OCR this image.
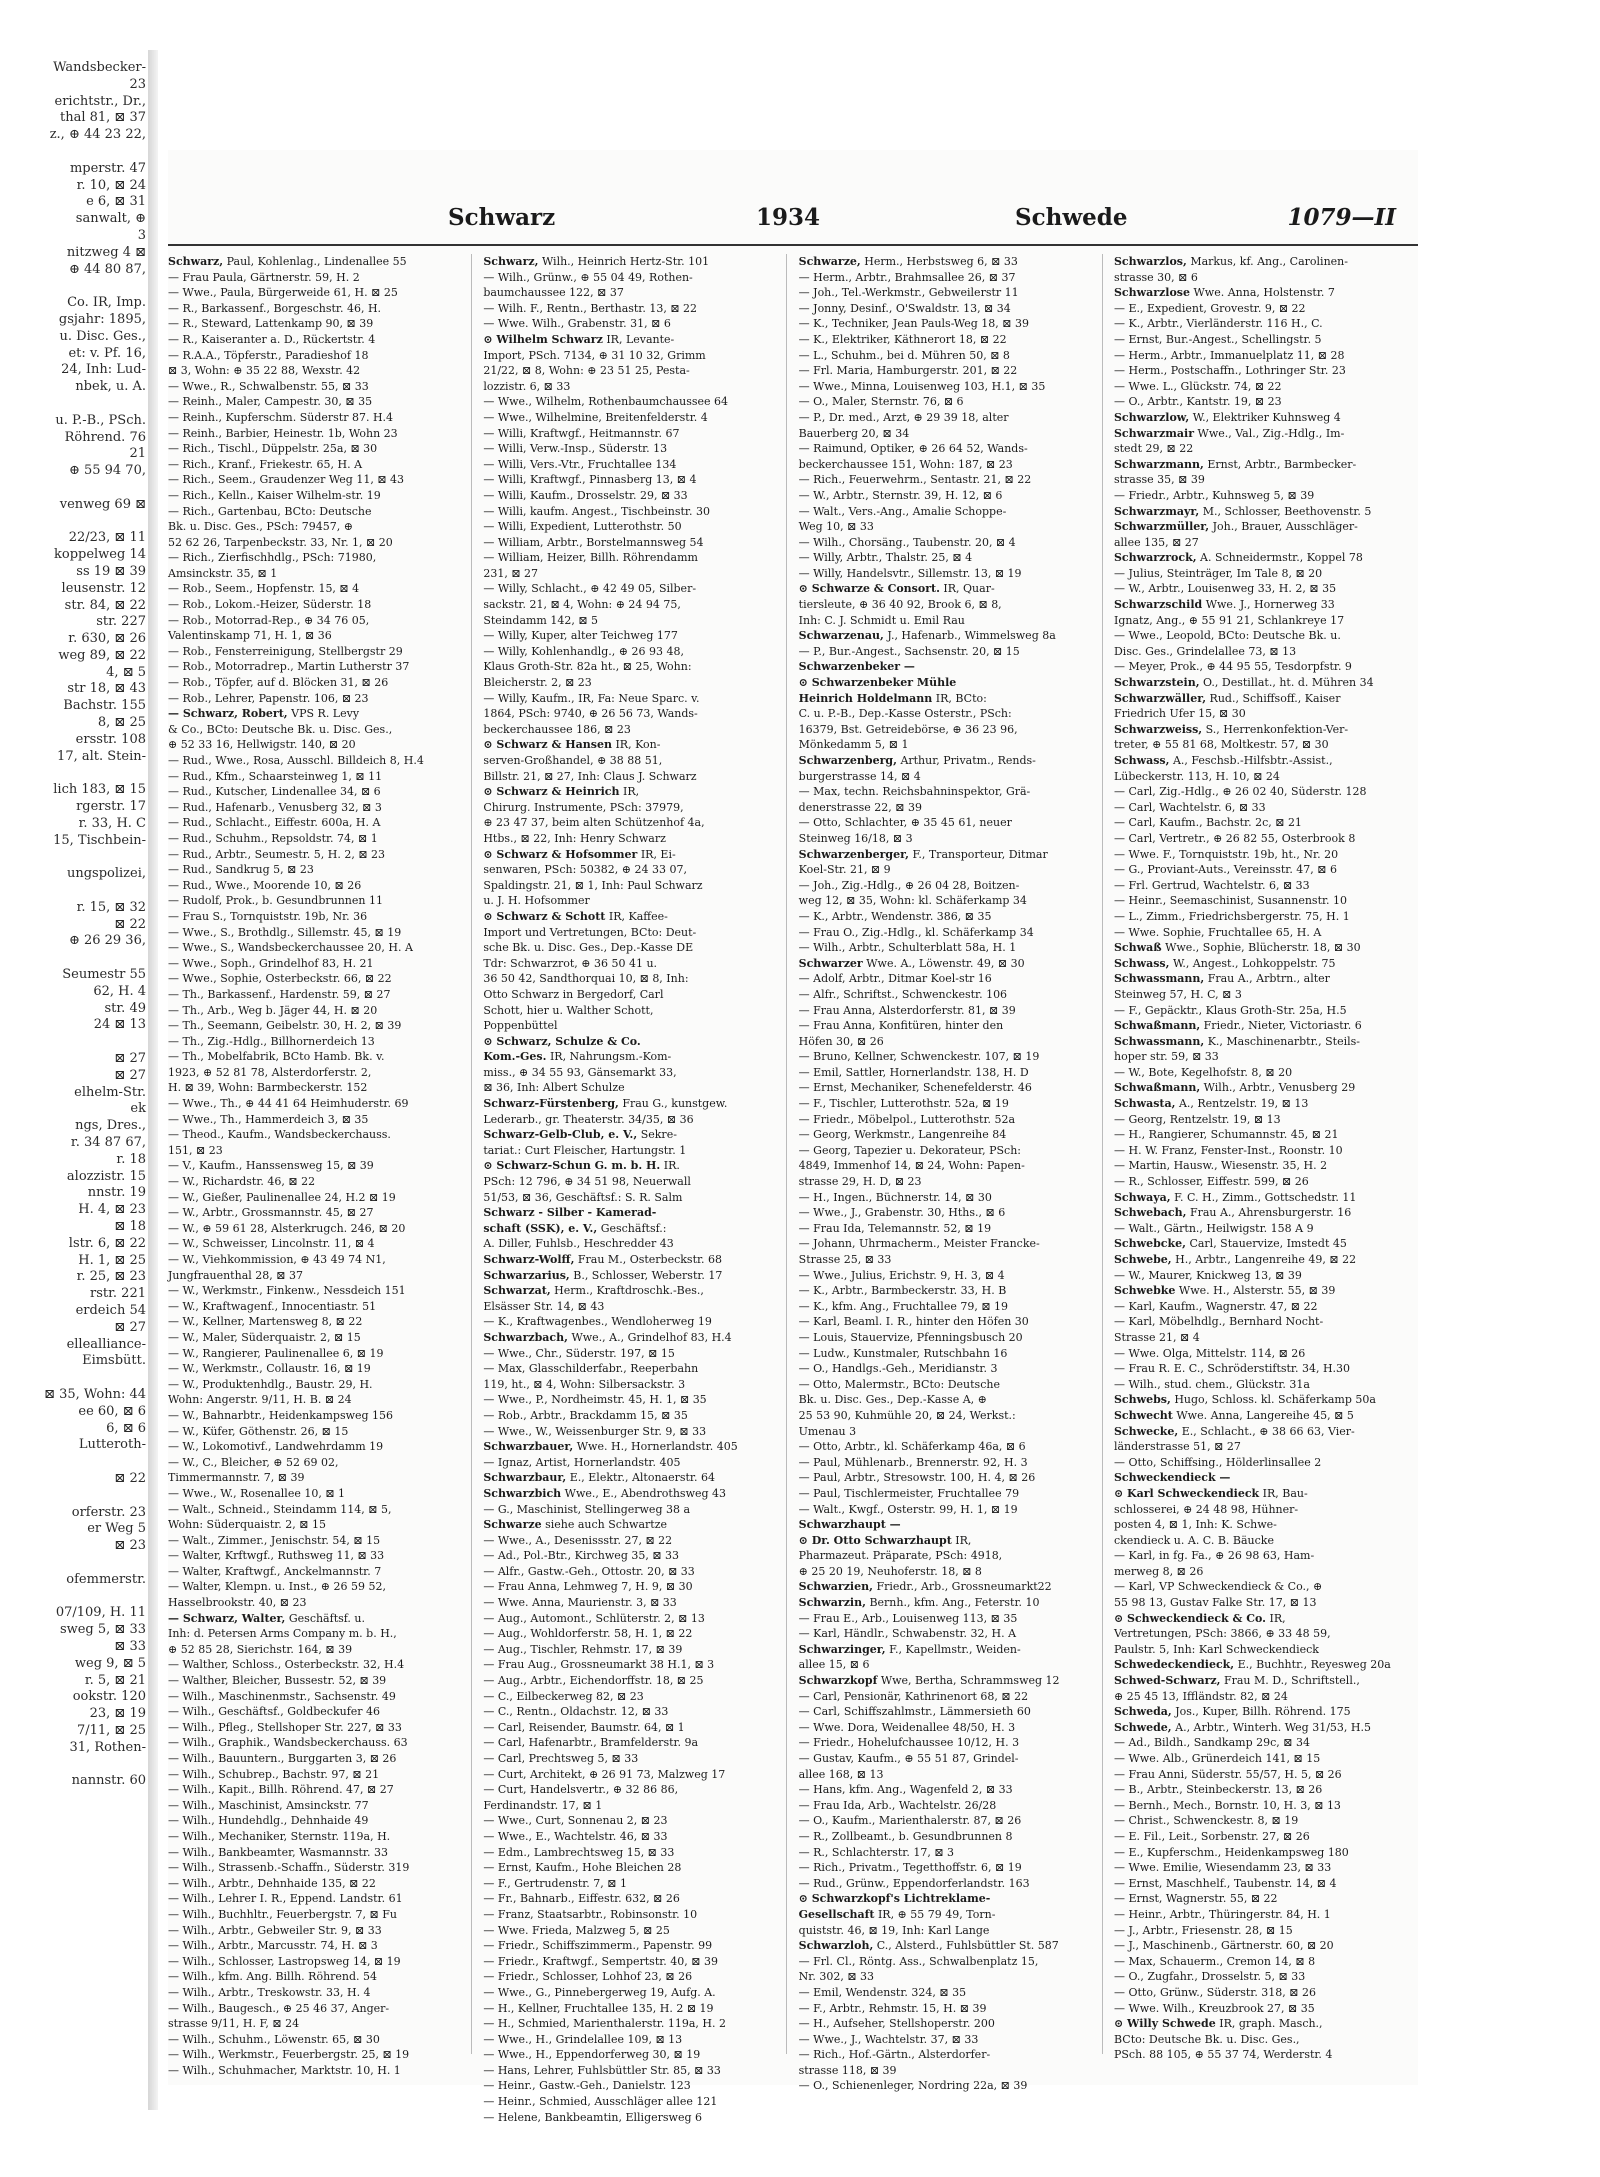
Wandsbecker-
23
erichtstr., Dr.,
thal 81, ⊠ 37
z., ⊕ 44 23 22,

mperstr. 47
r. 10, ⊠ 24
e 6, ⊠ 31
sanwalt, ⊕
3
nitzweg 4 ⊠
⊕ 44 80 87,

Co. IR, Imp.
gsjahr: 1895,
u. Disc. Ges.,
et: v. Pf. 16,
24, Inh: Lud-
nbek, u. A.

u. P.-B., PSch.
Röhrend. 76
21
⊕ 55 94 70,

venweg 69 ⊠

22/23, ⊠ 11
koppelweg 14
ss 19 ⊠ 39
leusenstr. 12
str. 84, ⊠ 22
str. 227
r. 630, ⊠ 26
weg 89, ⊠ 22
4, ⊠ 5
str 18, ⊠ 43
Bachstr. 155
8, ⊠ 25
ersstr. 108
17, alt. Stein-

lich 183, ⊠ 15
rgerstr. 17
r. 33, H. C
15, Tischbein-

ungspolizei,

r. 15, ⊠ 32
⊠ 22
⊕ 26 29 36,

Seumestr 55
62, H. 4
str. 49
24 ⊠ 13

⊠ 27
⊠ 27
elhelm-Str.
ek
ngs, Dres.,
r. 34 87 67,
r. 18
alozzistr. 15
nnstr. 19
H. 4, ⊠ 23
⊠ 18
lstr. 6, ⊠ 22
H. 1, ⊠ 25
r. 25, ⊠ 23
rstr. 221
erdeich 54
⊠ 27
ellealliance-
Eimsbütt.

⊠ 35, Wohn: 44
ee 60, ⊠ 6
6, ⊠ 6
Lutteroth-

⊠ 22

orferstr. 23
er Weg 5
⊠ 23

ofemmerstr.

07/109, H. 11
sweg 5, ⊠ 33
⊠ 33
weg 9, ⊠ 5
r. 5, ⊠ 21
ookstr. 120
23, ⊠ 19
7/11, ⊠ 25
31, Rothen-

nannstr. 60
Schwarz	1934	Schwede	1079—II
Schwarz, Paul, Kohlenlag., Lindenallee 55
— Frau Paula, Gärtnerstr. 59, H. 2
— Wwe., Paula, Bürgerweide 61, H. ⊠ 25
— R., Barkassenf., Borgeschstr. 46, H.
— R., Steward, Lattenkamp 90, ⊠ 39
— R., Kaiseranter a. D., Rückertstr. 4
— R.A.A., Töpferstr., Paradieshof 18
⊠ 3, Wohn: ⊕ 35 22 88, Wexstr. 42
— Wwe., R., Schwalbenstr. 55, ⊠ 33
— Reinh., Maler, Campestr. 30, ⊠ 35
— Reinh., Kupferschm. Süderstr 87. H.4
— Reinh., Barbier, Heinestr. 1b, Wohn 23
— Rich., Tischl., Düppelstr. 25a, ⊠ 30
— Rich., Kranf., Friekestr. 65, H. A
— Rich., Seem., Graudenzer Weg 11, ⊠ 43
— Rich., Kelln., Kaiser Wilhelm-str. 19
— Rich., Gartenbau, BCto: Deutsche
Bk. u. Disc. Ges., PSch: 79457, ⊕
52 62 26, Tarpenbeckstr. 33, Nr. 1, ⊠ 20
— Rich., Zierfischhdlg., PSch: 71980,
Amsinckstr. 35, ⊠ 1
— Rob., Seem., Hopfenstr. 15, ⊠ 4
— Rob., Lokom.-Heizer, Süderstr. 18
— Rob., Motorrad-Rep., ⊕ 34 76 05,
Valentinskamp 71, H. 1, ⊠ 36
— Rob., Fensterreinigung, Stellbergstr 29
— Rob., Motorradrep., Martin Lutherstr 37
— Rob., Töpfer, auf d. Blöcken 31, ⊠ 26
— Rob., Lehrer, Papenstr. 106, ⊠ 23
— Schwarz, Robert, VPS R. Levy
& Co., BCto: Deutsche Bk. u. Disc. Ges.,
⊕ 52 33 16, Hellwigstr. 140, ⊠ 20
— Rud., Wwe., Rosa, Ausschl. Billdeich 8, H.4
— Rud., Kfm., Schaarsteinweg 1, ⊠ 11
— Rud., Kutscher, Lindenallee 34, ⊠ 6
— Rud., Hafenarb., Venusberg 32, ⊠ 3
— Rud., Schlacht., Eiffestr. 600a, H. A
— Rud., Schuhm., Repsoldstr. 74, ⊠ 1
— Rud., Arbtr., Seumestr. 5, H. 2, ⊠ 23
— Rud., Sandkrug 5, ⊠ 23
— Rud., Wwe., Moorende 10, ⊠ 26
— Rudolf, Prok., b. Gesundbrunnen 11
— Frau S., Tornquiststr. 19b, Nr. 36
— Wwe., S., Brothdlg., Sillemstr. 45, ⊠ 19
— Wwe., S., Wandsbeckerchaussee 20, H. A
— Wwe., Soph., Grindelhof 83, H. 21
— Wwe., Sophie, Osterbeckstr. 66, ⊠ 22
— Th., Barkassenf., Hardenstr. 59, ⊠ 27
— Th., Arb., Weg b. Jäger 44, H. ⊠ 20
— Th., Seemann, Geibelstr. 30, H. 2, ⊠ 39
— Th., Zig.-Hdlg., Billhornerdeich 13
— Th., Mobelfabrik, BCto Hamb. Bk. v.
1923, ⊕ 52 81 78, Alsterdorferstr. 2,
H. ⊠ 39, Wohn: Barmbeckerstr. 152
— Wwe., Th., ⊕ 44 41 64 Heimhuderstr. 69
— Wwe., Th., Hammerdeich 3, ⊠ 35
— Theod., Kaufm., Wandsbeckerchauss.
151, ⊠ 23
— V., Kaufm., Hanssensweg 15, ⊠ 39
— W., Richardstr. 46, ⊠ 22
— W., Gießer, Paulinenallee 24, H.2 ⊠ 19
— W., Arbtr., Grossmannstr. 45, ⊠ 27
— W., ⊕ 59 61 28, Alsterkrugch. 246, ⊠ 20
— W., Schweisser, Lincolnstr. 11, ⊠ 4
— W., Viehkommission, ⊕ 43 49 74 N1,
Jungfrauenthal 28, ⊠ 37
— W., Werkmstr., Finkenw., Nessdeich 151
— W., Kraftwagenf., Innocentiastr. 51
— W., Kellner, Martensweg 8, ⊠ 22
— W., Maler, Süderquaistr. 2, ⊠ 15
— W., Rangierer, Paulinenallee 6, ⊠ 19
— W., Werkmstr., Collaustr. 16, ⊠ 19
— W., Produktenhdlg., Baustr. 29, H.
Wohn: Angerstr. 9/11, H. B. ⊠ 24
— W., Bahnarbtr., Heidenkampsweg 156
— W., Küfer, Göthenstr. 26, ⊠ 15
— W., Lokomotivf., Landwehrdamm 19
— W., C., Bleicher, ⊕ 52 69 02,
Timmermannstr. 7, ⊠ 39
— Wwe., W., Rosenallee 10, ⊠ 1
— Walt., Schneid., Steindamm 114, ⊠ 5,
Wohn: Süderquaistr. 2, ⊠ 15
— Walt., Zimmer., Jenischstr. 54, ⊠ 15
— Walter, Krftwgf., Ruthsweg 11, ⊠ 33
— Walter, Kraftwgf., Anckelmannstr. 7
— Walter, Klempn. u. Inst., ⊕ 26 59 52,
Hasselbrookstr. 40, ⊠ 23
— Schwarz, Walter, Geschäftsf. u.
Inh: d. Petersen Arms Company m. b. H.,
⊕ 52 85 28, Sierichstr. 164, ⊠ 39
— Walther, Schloss., Osterbeckstr. 32, H.4
— Walther, Bleicher, Bussestr. 52, ⊠ 39
— Wilh., Maschinenmstr., Sachsenstr. 49
— Wilh., Geschäftsf., Goldbeckufer 46
— Wilh., Pfleg., Stellshoper Str. 227, ⊠ 33
— Wilh., Graphik., Wandsbeckerchauss. 63
— Wilh., Bauuntern., Burggarten 3, ⊠ 26
— Wilh., Schubrep., Bachstr. 97, ⊠ 21
— Wilh., Kapit., Billh. Röhrend. 47, ⊠ 27
— Wilh., Maschinist, Amsinckstr. 77
— Wilh., Hundehdlg., Dehnhaide 49
— Wilh., Mechaniker, Sternstr. 119a, H.
— Wilh., Bankbeamter, Wasmannstr. 33
— Wilh., Strassenb.-Schaffn., Süderstr. 319
— Wilh., Arbtr., Dehnhaide 135, ⊠ 22
— Wilh., Lehrer I. R., Eppend. Landstr. 61
— Wilh., Buchhltr., Feuerbergstr. 7, ⊠ Fu
— Wilh., Arbtr., Gebweiler Str. 9, ⊠ 33
— Wilh., Arbtr., Marcusstr. 74, H. ⊠ 3
— Wilh., Schlosser, Lastropsweg 14, ⊠ 19
— Wilh., kfm. Ang. Billh. Röhrend. 54
— Wilh., Arbtr., Treskowstr. 33, H. 4
— Wilh., Baugesch., ⊕ 25 46 37, Anger-
strasse 9/11, H. F, ⊠ 24
— Wilh., Schuhm., Löwenstr. 65, ⊠ 30
— Wilh., Werkmstr., Feuerbergstr. 25, ⊠ 19
— Wilh., Schuhmacher, Marktstr. 10, H. 1
Schwarz, Wilh., Heinrich Hertz-Str. 101
— Wilh., Grünw., ⊕ 55 04 49, Rothen-
baumchaussee 122, ⊠ 37
— Wilh. F., Rentn., Berthastr. 13, ⊠ 22
— Wwe. Wilh., Grabenstr. 31, ⊠ 6
⊙ Wilhelm Schwarz IR, Levante-
Import, PSch. 7134, ⊕ 31 10 32, Grimm
21/22, ⊠ 8, Wohn: ⊕ 23 51 25, Pesta-
lozzistr. 6, ⊠ 33
— Wwe., Wilhelm, Rothenbaumchaussee 64
— Wwe., Wilhelmine, Breitenfelderstr. 4
— Willi, Kraftwgf., Heitmannstr. 67
— Willi, Verw.-Insp., Süderstr. 13
— Willi, Vers.-Vtr., Fruchtallee 134
— Willi, Kraftwgf., Pinnasberg 13, ⊠ 4
— Willi, Kaufm., Drosselstr. 29, ⊠ 33
— Willi, kaufm. Angest., Tischbeinstr. 30
— Willi, Expedient, Lutterothstr. 50
— William, Arbtr., Borstelmannsweg 54
— William, Heizer, Billh. Röhrendamm
231, ⊠ 27
— Willy, Schlacht., ⊕ 42 49 05, Silber-
sackstr. 21, ⊠ 4, Wohn: ⊕ 24 94 75,
Steindamm 142, ⊠ 5
— Willy, Kuper, alter Teichweg 177
— Willy, Kohlenhandlg., ⊕ 26 93 48,
Klaus Groth-Str. 82a ht., ⊠ 25, Wohn:
Bleicherstr. 2, ⊠ 23
— Willy, Kaufm., IR, Fa: Neue Sparc. v.
1864, PSch: 9740, ⊕ 26 56 73, Wands-
beckerchaussee 186, ⊠ 23
⊙ Schwarz & Hansen IR, Kon-
serven-Großhandel, ⊕ 38 88 51,
Billstr. 21, ⊠ 27, Inh: Claus J. Schwarz
⊙ Schwarz & Heinrich IR,
Chirurg. Instrumente, PSch: 37979,
⊕ 23 47 37, beim alten Schützenhof 4a,
Htbs., ⊠ 22, Inh: Henry Schwarz
⊙ Schwarz & Hofsommer IR, Ei-
senwaren, PSch: 50382, ⊕ 24 33 07,
Spaldingstr. 21, ⊠ 1, Inh: Paul Schwarz
u. J. H. Hofsommer
⊙ Schwarz & Schott IR, Kaffee-
Import und Vertretungen, BCto: Deut-
sche Bk. u. Disc. Ges., Dep.-Kasse DE
Tdr: Schwarzrot, ⊕ 36 50 41 u.
36 50 42, Sandthorquai 10, ⊠ 8, Inh:
Otto Schwarz in Bergedorf, Carl
Schott, hier u. Walther Schott,
Poppenbüttel
⊙ Schwarz, Schulze & Co.
Kom.-Ges. IR, Nahrungsm.-Kom-
miss., ⊕ 34 55 93, Gänsemarkt 33,
⊠ 36, Inh: Albert Schulze
Schwarz-Fürstenberg, Frau G., kunstgew.
Lederarb., gr. Theaterstr. 34/35, ⊠ 36
Schwarz-Gelb-Club, e. V., Sekre-
tariat.: Curt Fleischer, Hartungstr. 1
⊙ Schwarz-Schun G. m. b. H. IR.
PSch: 12 796, ⊕ 34 51 98, Neuerwall
51/53, ⊠ 36, Geschäftsf.: S. R. Salm
Schwarz - Silber - Kamerad-
schaft (SSK), e. V., Geschäftsf.:
A. Diller, Fuhlsb., Heschredder 43
Schwarz-Wolff, Frau M., Osterbeckstr. 68
Schwarzarius, B., Schlosser, Weberstr. 17
Schwarzat, Herm., Kraftdroschk.-Bes.,
Elsässer Str. 14, ⊠ 43
— K., Kraftwagenbes., Wendloherweg 19
Schwarzbach, Wwe., A., Grindelhof 83, H.4
— Wwe., Chr., Süderstr. 197, ⊠ 15
— Max, Glasschilderfabr., Reeperbahn
119, ht., ⊠ 4, Wohn: Silbersackstr. 3
— Wwe., P., Nordheimstr. 45, H. 1, ⊠ 35
— Rob., Arbtr., Brackdamm 15, ⊠ 35
— Wwe., W., Weissenburger Str. 9, ⊠ 33
Schwarzbauer, Wwe. H., Hornerlandstr. 405
— Ignaz, Artist, Hornerlandstr. 405
Schwarzbaur, E., Elektr., Altonaerstr. 64
Schwarzbich Wwe., E., Abendrothsweg 43
— G., Maschinist, Stellingerweg 38 a
Schwarze siehe auch Schwartze
— Wwe., A., Desenissstr. 27, ⊠ 22
— Ad., Pol.-Btr., Kirchweg 35, ⊠ 33
— Alfr., Gastw.-Geh., Ottostr. 20, ⊠ 33
— Frau Anna, Lehmweg 7, H. 9, ⊠ 30
— Wwe. Anna, Maurienstr. 3, ⊠ 33
— Aug., Automont., Schlüterstr. 2, ⊠ 13
— Aug., Wohldorferstr. 58, H. 1, ⊠ 22
— Aug., Tischler, Rehmstr. 17, ⊠ 39
— Frau Aug., Grossneumarkt 38 H.1, ⊠ 3
— Aug., Arbtr., Eichendorffstr. 18, ⊠ 25
— C., Eilbeckerweg 82, ⊠ 23
— C., Rentn., Oldachstr. 12, ⊠ 33
— Carl, Reisender, Baumstr. 64, ⊠ 1
— Carl, Hafenarbtr., Bramfelderstr. 9a
— Carl, Prechtsweg 5, ⊠ 33
— Curt, Architekt, ⊕ 26 91 73, Malzweg 17
— Curt, Handelsvertr., ⊕ 32 86 86,
Ferdinandstr. 17, ⊠ 1
— Wwe., Curt, Sonnenau 2, ⊠ 23
— Wwe., E., Wachtelstr. 46, ⊠ 33
— Edm., Lambrechtsweg 15, ⊠ 33
— Ernst, Kaufm., Hohe Bleichen 28
— F., Gertrudenstr. 7, ⊠ 1
— Fr., Bahnarb., Eiffestr. 632, ⊠ 26
— Franz, Staatsarbtr., Robinsonstr. 10
— Wwe. Frieda, Malzweg 5, ⊠ 25
— Friedr., Schiffszimmerm., Papenstr. 99
— Friedr., Kraftwgf., Sempertstr. 40, ⊠ 39
— Friedr., Schlosser, Lohhof 23, ⊠ 26
— Wwe., G., Pinnebergerweg 19, Aufg. A.
— H., Kellner, Fruchtallee 135, H. 2 ⊠ 19
— H., Schmied, Marienthalerstr. 119a, H. 2
— Wwe., H., Grindelallee 109, ⊠ 13
— Wwe., H., Eppendorferweg 30, ⊠ 19
— Hans, Lehrer, Fuhlsbüttler Str. 85, ⊠ 33
— Heinr., Gastw.-Geh., Danielstr. 123
— Heinr., Schmied, Ausschläger allee 121
— Helene, Bankbeamtin, Elligersweg 6
Schwarze, Herm., Herbstsweg 6, ⊠ 33
— Herm., Arbtr., Brahmsallee 26, ⊠ 37
— Joh., Tel.-Werkmstr., Gebweilerstr 11
— Jonny, Desinf., O'Swaldstr. 13, ⊠ 34
— K., Techniker, Jean Pauls-Weg 18, ⊠ 39
— K., Elektriker, Käthnerort 18, ⊠ 22
— L., Schuhm., bei d. Mühren 50, ⊠ 8
— Frl. Maria, Hamburgerstr. 201, ⊠ 22
— Wwe., Minna, Louisenweg 103, H.1, ⊠ 35
— O., Maler, Sternstr. 76, ⊠ 6
— P., Dr. med., Arzt, ⊕ 29 39 18, alter
Bauerberg 20, ⊠ 34
— Raimund, Optiker, ⊕ 26 64 52, Wands-
beckerchaussee 151, Wohn: 187, ⊠ 23
— Rich., Feuerwehrm., Sentastr. 21, ⊠ 22
— W., Arbtr., Sternstr. 39, H. 12, ⊠ 6
— Walt., Vers.-Ang., Amalie Schoppe-
Weg 10, ⊠ 33
— Wilh., Chorsäng., Taubenstr. 20, ⊠ 4
— Willy, Arbtr., Thalstr. 25, ⊠ 4
— Willy, Handelsvtr., Sillemstr. 13, ⊠ 19
⊙ Schwarze & Consort. IR, Quar-
tiersleute, ⊕ 36 40 92, Brook 6, ⊠ 8,
Inh: C. J. Schmidt u. Emil Rau
Schwarzenau, J., Hafenarb., Wimmelsweg 8a
— P., Bur.-Angest., Sachsenstr. 20, ⊠ 15
Schwarzenbeker —
⊙ Schwarzenbeker Mühle
Heinrich Holdelmann IR, BCto:
C. u. P.-B., Dep.-Kasse Osterstr., PSch:
16379, Bst. Getreidebörse, ⊕ 36 23 96,
Mönkedamm 5, ⊠ 1
Schwarzenberg, Arthur, Privatm., Rends-
burgerstrasse 14, ⊠ 4
— Max, techn. Reichsbahninspektor, Grä-
denerstrasse 22, ⊠ 39
— Otto, Schlachter, ⊕ 35 45 61, neuer
Steinweg 16/18, ⊠ 3
Schwarzenberger, F., Transporteur, Ditmar
Koel-Str. 21, ⊠ 9
— Joh., Zig.-Hdlg., ⊕ 26 04 28, Boitzen-
weg 12, ⊠ 35, Wohn: kl. Schäferkamp 34
— K., Arbtr., Wendenstr. 386, ⊠ 35
— Frau O., Zig.-Hdlg., kl. Schäferkamp 34
— Wilh., Arbtr., Schulterblatt 58a, H. 1
Schwarzer Wwe. A., Löwenstr. 49, ⊠ 30
— Adolf, Arbtr., Ditmar Koel-str 16
— Alfr., Schriftst., Schwenckestr. 106
— Frau Anna, Alsterdorferstr. 81, ⊠ 39
— Frau Anna, Konfitüren, hinter den
Höfen 30, ⊠ 26
— Bruno, Kellner, Schwenckestr. 107, ⊠ 19
— Emil, Sattler, Hornerlandstr. 138, H. D
— Ernst, Mechaniker, Schenefelderstr. 46
— F., Tischler, Lutterothstr. 52a, ⊠ 19
— Friedr., Möbelpol., Lutterothstr. 52a
— Georg, Werkmstr., Langenreihe 84
— Georg, Tapezier u. Dekorateur, PSch:
4849, Immenhof 14, ⊠ 24, Wohn: Papen-
strasse 29, H. D, ⊠ 23
— H., Ingen., Büchnerstr. 14, ⊠ 30
— Wwe., J., Grabenstr. 30, Hths., ⊠ 6
— Frau Ida, Telemannstr. 52, ⊠ 19
— Johann, Uhrmacherm., Meister Francke-
Strasse 25, ⊠ 33
— Wwe., Julius, Erichstr. 9, H. 3, ⊠ 4
— K., Arbtr., Barmbeckerstr. 33, H. B
— K., kfm. Ang., Fruchtallee 79, ⊠ 19
— Karl, Beaml. I. R., hinter den Höfen 30
— Louis, Stauervize, Pfenningsbusch 20
— Ludw., Kunstmaler, Rutschbahn 16
— O., Handlgs.-Geh., Meridianstr. 3
— Otto, Malermstr., BCto: Deutsche
Bk. u. Disc. Ges., Dep.-Kasse A, ⊕
25 53 90, Kuhmühle 20, ⊠ 24, Werkst.:
Umenau 3
— Otto, Arbtr., kl. Schäferkamp 46a, ⊠ 6
— Paul, Mühlenarb., Brennerstr. 92, H. 3
— Paul, Arbtr., Stresowstr. 100, H. 4, ⊠ 26
— Paul, Tischlermeister, Fruchtallee 79
— Walt., Kwgf., Osterstr. 99, H. 1, ⊠ 19
Schwarzhaupt —
⊙ Dr. Otto Schwarzhaupt IR,
Pharmazeut. Präparate, PSch: 4918,
⊕ 25 20 19, Neuhoferstr. 18, ⊠ 8
Schwarzien, Friedr., Arb., Grossneumarkt22
Schwarzin, Bernh., kfm. Ang., Feterstr. 10
— Frau E., Arb., Louisenweg 113, ⊠ 35
— Karl, Händlr., Schwabenstr. 32, H. A
Schwarzinger, F., Kapellmstr., Weiden-
allee 15, ⊠ 6
Schwarzkopf Wwe, Bertha, Schrammsweg 12
— Carl, Pensionär, Kathrinenort 68, ⊠ 22
— Carl, Schiffszahlmstr., Lämmersieth 60
— Wwe. Dora, Weidenallee 48/50, H. 3
— Friedr., Hohelufchaussee 10/12, H. 3
— Gustav, Kaufm., ⊕ 55 51 87, Grindel-
allee 168, ⊠ 13
— Hans, kfm. Ang., Wagenfeld 2, ⊠ 33
— Frau Ida, Arb., Wachtelstr. 26/28
— O., Kaufm., Marienthalerstr. 87, ⊠ 26
— R., Zollbeamt., b. Gesundbrunnen 8
— R., Schlachterstr. 17, ⊠ 3
— Rich., Privatm., Tegetthoffstr. 6, ⊠ 19
— Rud., Grünw., Eppendorferlandstr. 163
⊙ Schwarzkopf's Lichtreklame-
Gesellschaft IR, ⊕ 55 79 49, Torn-
quiststr. 46, ⊠ 19, Inh: Karl Lange
Schwarzloh, C., Alsterd., Fuhlsbüttler St. 587
— Frl. Cl., Röntg. Ass., Schwalbenplatz 15,
Nr. 302, ⊠ 33
— Emil, Wendenstr. 324, ⊠ 35
— F., Arbtr., Rehmstr. 15, H. ⊠ 39
— H., Aufseher, Stellshoperstr. 200
— Wwe., J., Wachtelstr. 37, ⊠ 33
— Rich., Hof.-Gärtn., Alsterdorfer-
strasse 118, ⊠ 39
— O., Schienenleger, Nordring 22a, ⊠ 39
Schwarzlos, Markus, kf. Ang., Carolinen-
strasse 30, ⊠ 6
Schwarzlose Wwe. Anna, Holstenstr. 7
— E., Expedient, Grovestr. 9, ⊠ 22
— K., Arbtr., Vierländerstr. 116 H., C.
— Ernst, Bur.-Angest., Schellingstr. 5
— Herm., Arbtr., Immanuelplatz 11, ⊠ 28
— Herm., Postschaffn., Lothringer Str. 23
— Wwe. L., Glückstr. 74, ⊠ 22
— O., Arbtr., Kantstr. 19, ⊠ 23
Schwarzlow, W., Elektriker Kuhnsweg 4
Schwarzmair Wwe., Val., Zig.-Hdlg., Im-
stedt 29, ⊠ 22
Schwarzmann, Ernst, Arbtr., Barmbecker-
strasse 35, ⊠ 39
— Friedr., Arbtr., Kuhnsweg 5, ⊠ 39
Schwarzmayr, M., Schlosser, Beethovenstr. 5
Schwarzmüller, Joh., Brauer, Ausschläger-
allee 135, ⊠ 27
Schwarzrock, A. Schneidermstr., Koppel 78
— Julius, Steinträger, Im Tale 8, ⊠ 20
— W., Arbtr., Louisenweg 33, H. 2, ⊠ 35
Schwarzschild Wwe. J., Hornerweg 33
Ignatz, Ang., ⊕ 55 91 21, Schlankreye 17
— Wwe., Leopold, BCto: Deutsche Bk. u.
Disc. Ges., Grindelallee 73, ⊠ 13
— Meyer, Prok., ⊕ 44 95 55, Tesdorpfstr. 9
Schwarzstein, O., Destillat., ht. d. Mühren 34
Schwarzwäller, Rud., Schiffsoff., Kaiser
Friedrich Ufer 15, ⊠ 30
Schwarzweiss, S., Herrenkonfektion-Ver-
treter, ⊕ 55 81 68, Moltkestr. 57, ⊠ 30
Schwass, A., Feschsb.-Hilfsbtr.-Assist.,
Lübeckerstr. 113, H. 10, ⊠ 24
— Carl, Zig.-Hdlg., ⊕ 26 02 40, Süderstr. 128
— Carl, Wachtelstr. 6, ⊠ 33
— Carl, Kaufm., Bachstr. 2c, ⊠ 21
— Carl, Vertretr., ⊕ 26 82 55, Osterbrook 8
— Wwe. F., Tornquiststr. 19b, ht., Nr. 20
— G., Proviant-Auts., Vereinsstr. 47, ⊠ 6
— Frl. Gertrud, Wachtelstr. 6, ⊠ 33
— Heinr., Seemaschinist, Susannenstr. 10
— L., Zimm., Friedrichsbergerstr. 75, H. 1
— Wwe. Sophie, Fruchtallee 65, H. A
Schwaß Wwe., Sophie, Blücherstr. 18, ⊠ 30
Schwass, W., Angest., Lohkoppelstr. 75
Schwassmann, Frau A., Arbtrn., alter
Steinweg 57, H. C, ⊠ 3
— F., Gepäcktr., Klaus Groth-Str. 25a, H.5
Schwaßmann, Friedr., Nieter, Victoriastr. 6
Schwassmann, K., Maschinenarbtr., Steils-
hoper str. 59, ⊠ 33
— W., Bote, Kegelhofstr. 8, ⊠ 20
Schwaßmann, Wilh., Arbtr., Venusberg 29
Schwasta, A., Rentzelstr. 19, ⊠ 13
— Georg, Rentzelstr. 19, ⊠ 13
— H., Rangierer, Schumannstr. 45, ⊠ 21
— H. W. Franz, Fenster-Inst., Roonstr. 10
— Martin, Hausw., Wiesenstr. 35, H. 2
— R., Schlosser, Eiffestr. 599, ⊠ 26
Schwaya, F. C. H., Zimm., Gottschedstr. 11
Schwebach, Frau A., Ahrensburgerstr. 16
— Walt., Gärtn., Heilwigstr. 158 A 9
Schwebcke, Carl, Stauervize, Imstedt 45
Schwebe, H., Arbtr., Langenreihe 49, ⊠ 22
— W., Maurer, Knickweg 13, ⊠ 39
Schwebke Wwe. H., Alsterstr. 55, ⊠ 39
— Karl, Kaufm., Wagnerstr. 47, ⊠ 22
— Karl, Möbelhdlg., Bernhard Nocht-
Strasse 21, ⊠ 4
— Wwe. Olga, Mittelstr. 114, ⊠ 26
— Frau R. E. C., Schröderstiftstr. 34, H.30
— Wilh., stud. chem., Glückstr. 31a
Schwebs, Hugo, Schloss. kl. Schäferkamp 50a
Schwecht Wwe. Anna, Langereihe 45, ⊠ 5
Schwecke, E., Schlacht., ⊕ 38 66 63, Vier-
länderstrasse 51, ⊠ 27
— Otto, Schiffsing., Hölderlinsallee 2
Schweckendieck —
⊙ Karl Schweckendieck IR, Bau-
schlosserei, ⊕ 24 48 98, Hühner-
posten 4, ⊠ 1, Inh: K. Schwe-
ckendieck u. A. C. B. Bäucke
— Karl, in fg. Fa., ⊕ 26 98 63, Ham-
merweg 8, ⊠ 26
— Karl, VP Schweckendieck & Co., ⊕
55 98 13, Gustav Falke Str. 17, ⊠ 13
⊙ Schweckendieck & Co. IR,
Vertretungen, PSch: 3866, ⊕ 33 48 59,
Paulstr. 5, Inh: Karl Schweckendieck
Schwedeckendieck, E., Buchhtr., Reyesweg 20a
Schwed-Schwarz, Frau M. D., Schriftstell.,
⊕ 25 45 13, Iffländstr. 82, ⊠ 24
Schweda, Jos., Kuper, Billh. Röhrend. 175
Schwede, A., Arbtr., Winterh. Weg 31/53, H.5
— Ad., Bildh., Sandkamp 29c, ⊠ 34
— Wwe. Alb., Grünerdeich 141, ⊠ 15
— Frau Anni, Süderstr. 55/57, H. 5, ⊠ 26
— B., Arbtr., Steinbeckerstr. 13, ⊠ 26
— Bernh., Mech., Bornstr. 10, H. 3, ⊠ 13
— Christ., Schwenckestr. 8, ⊠ 19
— E. Fil., Leit., Sorbenstr. 27, ⊠ 26
— E., Kupferschm., Heidenkampsweg 180
— Wwe. Emilie, Wiesendamm 23, ⊠ 33
— Ernst, Maschhelf., Taubenstr. 14, ⊠ 4
— Ernst, Wagnerstr. 55, ⊠ 22
— Heinr., Arbtr., Thüringerstr. 84, H. 1
— J., Arbtr., Friesenstr. 28, ⊠ 15
— J., Maschinenb., Gärtnerstr. 60, ⊠ 20
— Max, Schauerm., Cremon 14, ⊠ 8
— O., Zugfahr., Drosselstr. 5, ⊠ 33
— Otto, Grünw., Süderstr. 318, ⊠ 26
— Wwe. Wilh., Kreuzbrook 27, ⊠ 35
⊙ Willy Schwede IR, graph. Masch.,
BCto: Deutsche Bk. u. Disc. Ges.,
PSch. 88 105, ⊕ 55 37 74, Werderstr. 4
